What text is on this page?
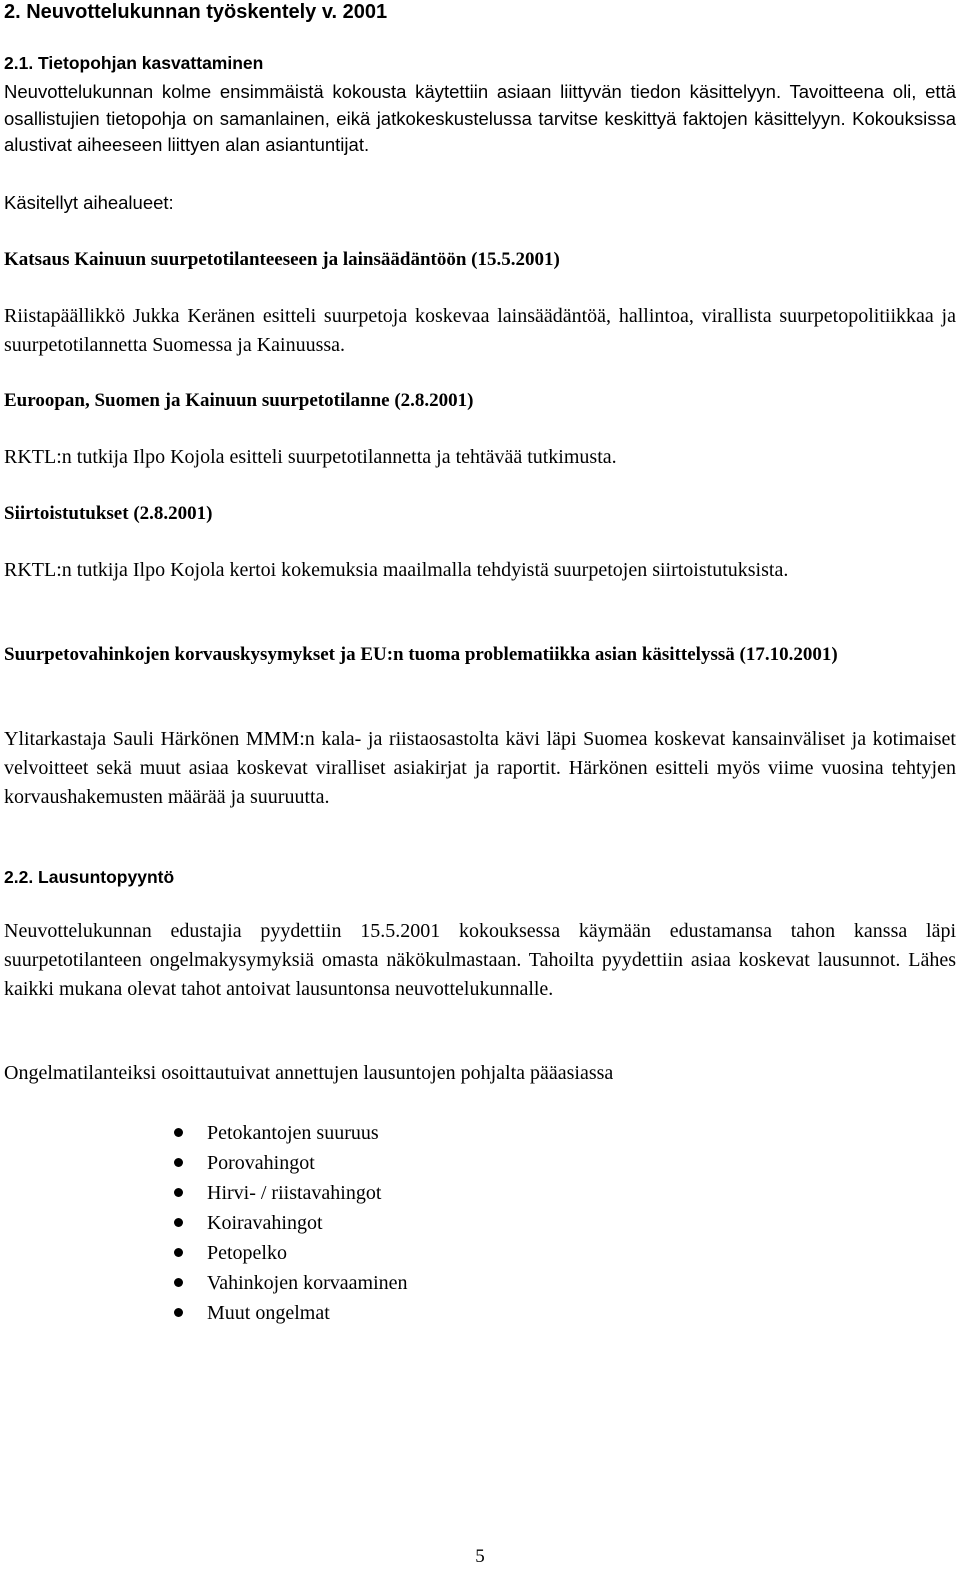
2. Neuvottelukunnan työskentely v. 2001
2.1. Tietopohjan kasvattaminen

Neuvottelukunnan kolme ensimmäistä kokousta käytettiin asiaan liittyvän tiedon käsittelyyn. Tavoitteena oli, että osallistujien tietopohja on samanlainen, eikä jatkokeskustelussa tarvitse keskittyä faktojen käsittelyyn. Kokouksissa alustivat aiheeseen liittyen alan asiantuntijat.

Käsitellyt aihealueet:

Katsaus Kainuun suurpetotilanteeseen ja lainsäädäntöön (15.5.2001)

Riistapäällikkö Jukka Keränen esitteli suurpetoja koskevaa lainsäädäntöä, hallintoa, virallista suurpetopolitiikkaa ja suurpetotilannetta Suomessa ja Kainuussa.

Euroopan, Suomen ja Kainuun suurpetotilanne (2.8.2001)

RKTL:n tutkija Ilpo Kojola esitteli suurpetotilannetta ja tehtävää tutkimusta.

Siirtoistutukset (2.8.2001)

RKTL:n tutkija Ilpo Kojola kertoi kokemuksia maailmalla tehdyistä suurpetojen siirtoistutuksista.

Suurpetovahinkojen korvauskysymykset ja EU:n tuoma problematiikka asian käsittelyssä (17.10.2001)

Ylitarkastaja Sauli Härkönen MMM:n kala- ja riistaosastolta kävi läpi Suomea koskevat kansainväliset ja kotimaiset velvoitteet sekä muut asiaa koskevat viralliset asiakirjat ja raportit. Härkönen esitteli myös viime vuosina tehtyjen korvaushakemusten määrää ja suuruutta.

2.2. Lausuntopyyntö

Neuvottelukunnan edustajia pyydettiin 15.5.2001 kokouksessa käymään edustamansa tahon kanssa läpi suurpetotilanteen ongelmakysymyksiä omasta näkökulmastaan. Tahoilta pyydettiin asiaa koskevat lausunnot. Lähes kaikki mukana olevat tahot antoivat lausuntonsa neuvottelukunnalle.

Ongelmatilanteiksi osoittautuivat annettujen lausuntojen pohjalta pääasiassa

Petokantojen suuruus
Porovahingot
Hirvi- / riistavahingot
Koiravahingot
Petopelko
Vahinkojen korvaaminen
Muut ongelmat
5
